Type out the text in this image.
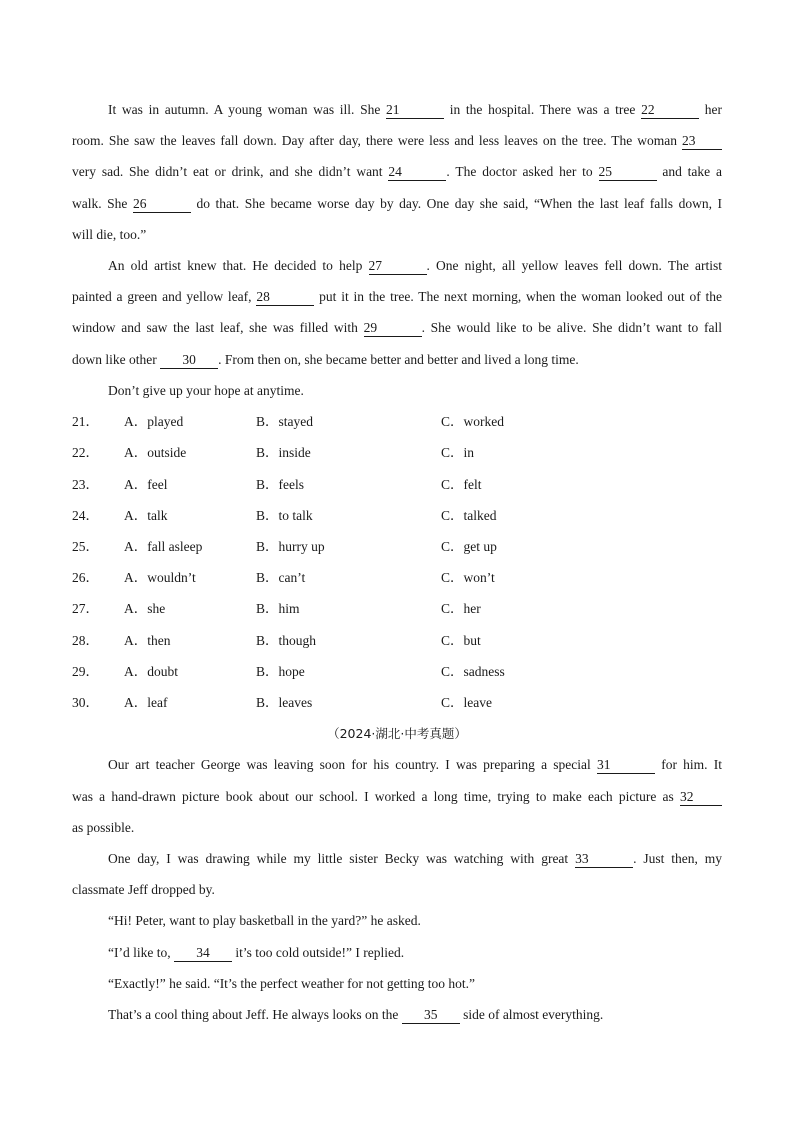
It was in autumn. A young woman was ill. She 21	in the hospital. There was a tree 22	her
room. She saw the leaves fall down. Day after day, there were less and less leaves on the tree. The woman 23
very sad. She didn’t eat or drink, and she didn’t want 24	. The doctor asked her to 25	and take a
walk. She 26	do that. She became worse day by day. One day she said, “When the last leaf falls down, I
will die, too.”
An old artist knew that. He decided to help 27	. One night, all yellow leaves fell down. The artist
painted a green and yellow leaf, 28	put it in the tree. The next morning, when the woman looked out of the
window and saw the last leaf, she was filled with 29	. She would like to be alive. She didn’t want to fall
down like other 30 . From then on, she became better and better and lived a long time.
Don’t give up your hope at anytime.
21． A．played	B．stayed	C．worked
22． A．outside	B．inside	C．in
23． A．feel	B．feels	C．felt
24． A．talk	B．to talk	C．talked
25． A．fall asleep	B．hurry up	C．get up
26． A．wouldn’t	B．can’t	C．won’t
27． A．she	B．him	C．her
28． A．then	B．though	C．but
29． A．doubt	B．hope	C．sadness
30． A．leaf	B．leaves	C．leave
（2024·湖北·中考真题）
Our art teacher George was leaving soon for his country. I was preparing a special 31	for him. It
was a hand-drawn picture book about our school. I worked a long time, trying to make each picture as 32
as possible.
One day, I was drawing while my little sister Becky was watching with great 33	. Just then, my
classmate Jeff dropped by.
“Hi! Peter, want to play basketball in the yard?” he asked.
“I’d like to, 34 it’s too cold outside!” I replied.
“Exactly!” he said. “It’s the perfect weather for not getting too hot.”
That’s a cool thing about Jeff. He always looks on the 35 side of almost everything.
